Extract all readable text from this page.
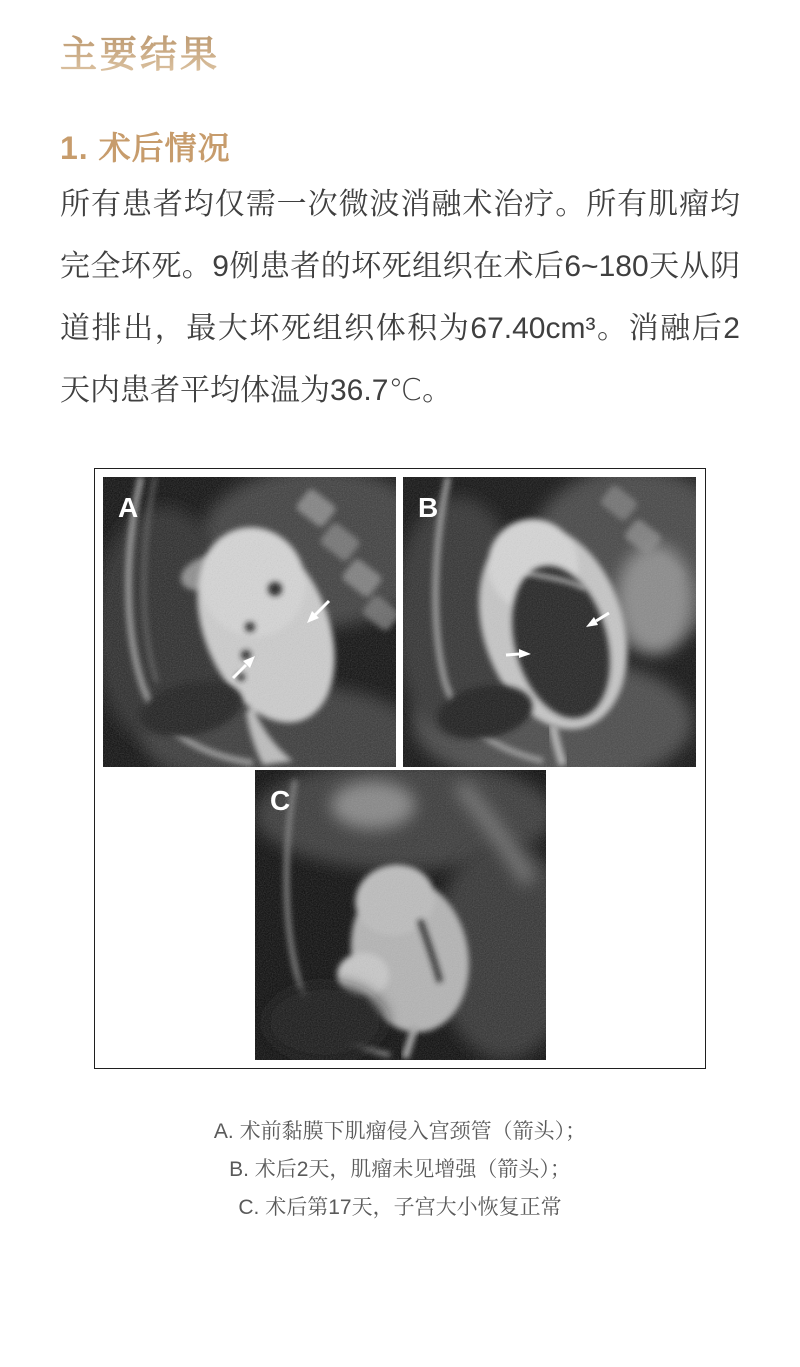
主要结果
1. 术后情况

所有患者均仅需一次微波消融术治疗。所有肌瘤均完全坏死。9例患者的坏死组织在术后6~180天从阴道排出，最大坏死组织体积为67.40cm³。消融后2天内患者平均体温为36.7℃。

A	B
C
A. 术前黏膜下肌瘤侵入宫颈管（箭头）；
B. 术后2天，肌瘤未见增强（箭头）；
C. 术后第17天，子宫大小恢复正常
